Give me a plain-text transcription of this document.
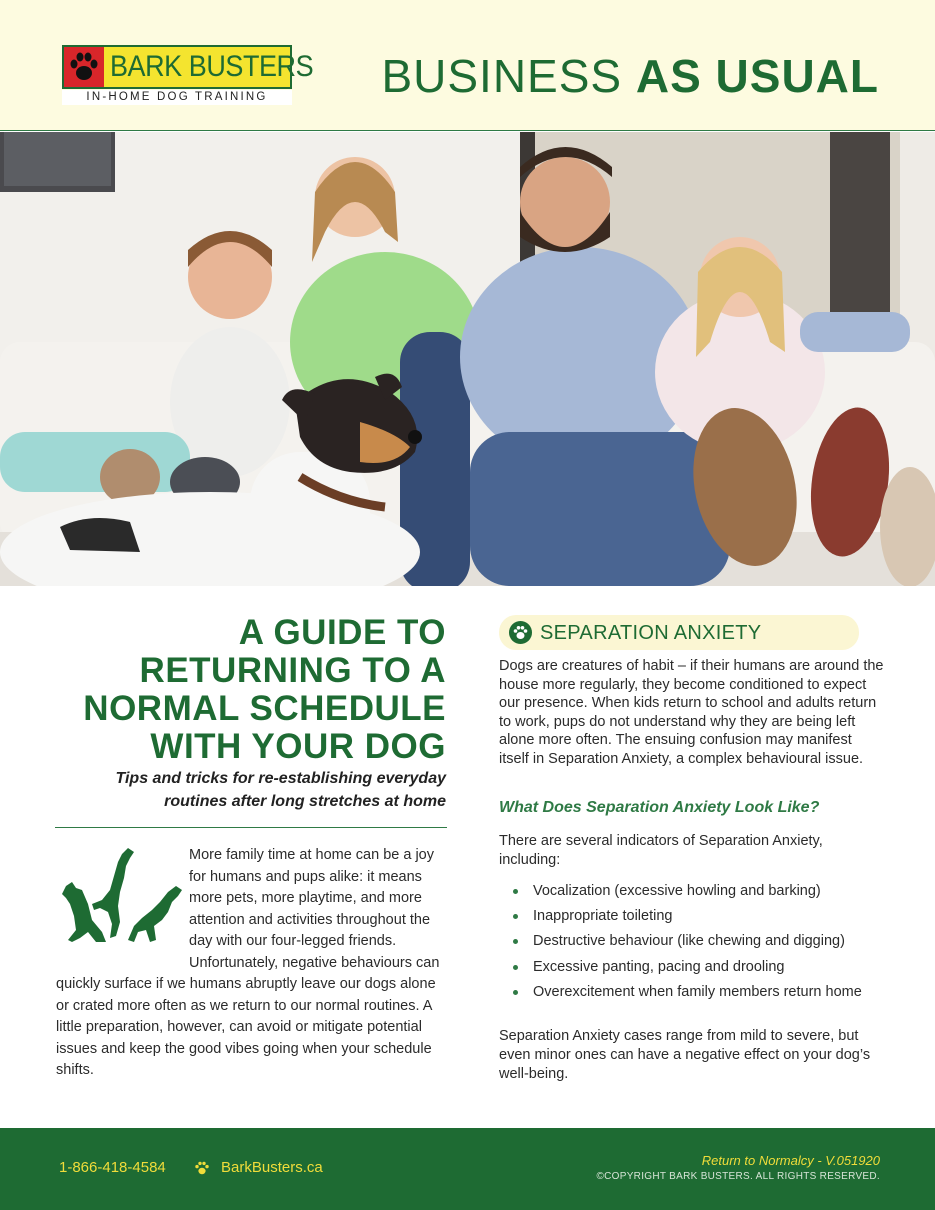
BARK BUSTERS
IN-HOME DOG TRAINING	BUSINESS AS USUAL
A GUIDE TO
RETURNING TO A
NORMAL SCHEDULE
WITH YOUR DOG
Tips and tricks for re-establishing everyday
routines after long stretches at home
More family time at home can be a joy for humans and pups alike: it means more pets, more playtime, and more attention and activities throughout the day with our four-legged friends. Unfortunately, negative behaviours can quickly surface if we humans abruptly leave our dogs alone or crated more often as we return to our normal routines. A little preparation, however, can avoid or mitigate potential issues and keep the good vibes going when your schedule shifts.
SEPARATION ANXIETY
Dogs are creatures of habit – if their humans are around the house more regularly, they become conditioned to expect our presence. When kids return to school and adults return to work, pups do not understand why they are being left alone more often. The ensuing confusion may manifest itself in Separation Anxiety, a complex behavioural issue.
What Does Separation Anxiety Look Like?
There are several indicators of Separation Anxiety, including:
Vocalization (excessive howling and barking)
Inappropriate toileting
Destructive behaviour (like chewing and digging)
Excessive panting, pacing and drooling
Overexcitement when family members return home
Separation Anxiety cases range from mild to severe, but even minor ones can have a negative effect on your dog’s well-being.
1-866-418-4584	BarkBusters.ca	Return to Normalcy - V.051920
©COPYRIGHT BARK BUSTERS. ALL RIGHTS RESERVED.
